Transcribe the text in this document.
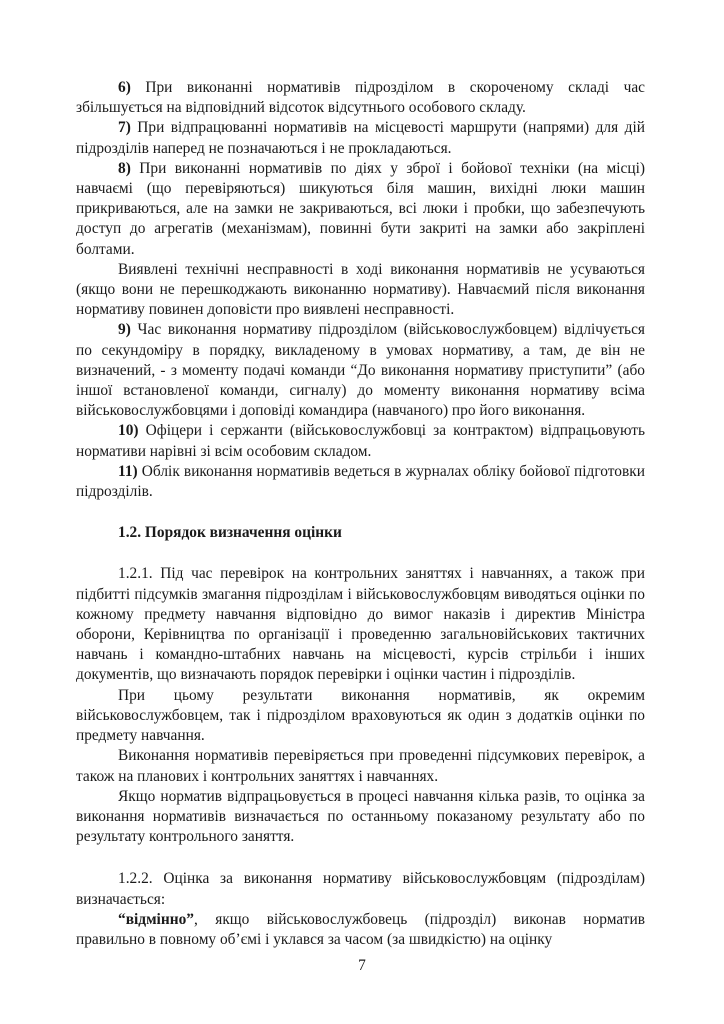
6) При виконанні нормативів підрозділом в скороченому складі час збільшується на відповідний відсоток відсутнього особового складу.

7) При відпрацюванні нормативів на місцевості маршрути (напрями) для дій підрозділів наперед не позначаються і не прокладаються.

8) При виконанні нормативів по діях у зброї і бойової техніки (на місці) навчаємі (що перевіряються) шикуються біля машин, вихідні люки машин прикриваються, але на замки не закриваються, всі люки і пробки, що забезпечують доступ до агрегатів (механізмам), повинні бути закриті на замки або закріплені болтами.

Виявлені технічні несправності в ході виконання нормативів не усуваються (якщо вони не перешкоджають виконанню нормативу). Навчаємий після виконання нормативу повинен доповісти про виявлені несправності.

9) Час виконання нормативу підрозділом (військовослужбовцем) відлічується по секундоміру в порядку, викладеному в умовах нормативу, а там, де він не визначений, - з моменту подачі команди “До виконання нормативу приступити” (або іншої встановленої команди, сигналу) до моменту виконання нормативу всіма військовослужбовцями і доповіді командира (навчаного) про його виконання.

10) Офіцери і сержанти (військовослужбовці за контрактом) відпрацьовують нормативи нарівні зі всім особовим складом.

11) Облік виконання нормативів ведеться в журналах обліку бойової підготовки підрозділів.

1.2. Порядок визначення оцінки

1.2.1. Під час перевірок на контрольних заняттях і навчаннях, а також при підбитті підсумків змагання підрозділам і військовослужбовцям виводяться оцінки по кожному предмету навчання відповідно до вимог наказів і директив Міністра оборони, Керівництва по організації і проведенню загальновійськових тактичних навчань і командно-штабних навчань на місцевості, курсів стрільби і інших документів, що визначають порядок перевірки і оцінки частин і підрозділів.

При цьому результати виконання нормативів, як окремим військовослужбовцем, так і підрозділом враховуються як один з додатків оцінки по предмету навчання.

Виконання нормативів перевіряється при проведенні підсумкових перевірок, а також на планових і контрольних заняттях і навчаннях.

Якщо норматив відпрацьовується в процесі навчання кілька разів, то оцінка за виконання нормативів визначається по останньому показаному результату або по результату контрольного заняття.

1.2.2. Оцінка за виконання нормативу військовослужбовцям (підрозділам) визначається:

“відмінно”, якщо військовослужбовець (підрозділ) виконав норматив правильно в повному об’ємі і уклався за часом (за швидкістю) на оцінку

7
